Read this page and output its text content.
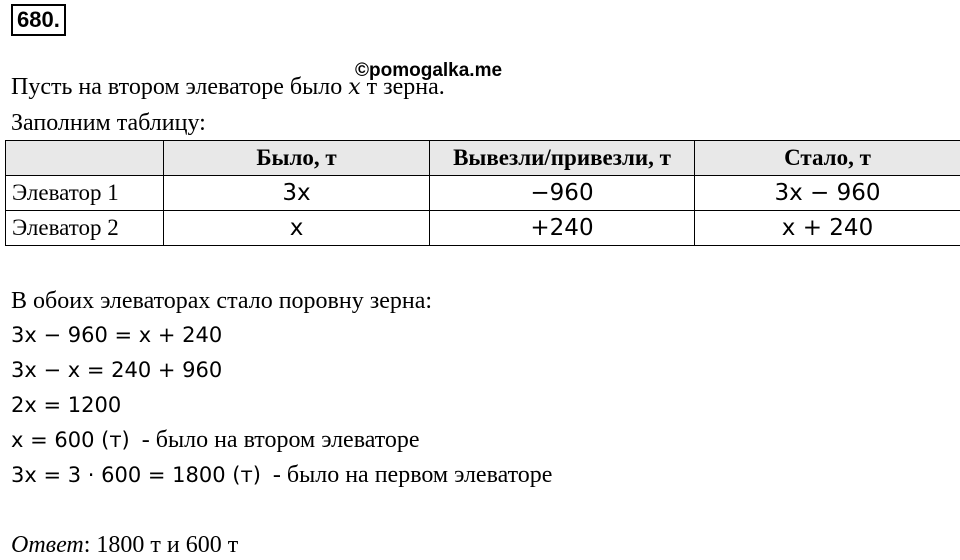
680.
Пусть на втором элеваторе было x т зерна.
©pomogalka.me
Заполним таблицу:
	Было, т	Вывезли/привезли, т	Стало, т
Элеватор 1	3x	−960	3x − 960
Элеватор 2	x	+240	x + 240
В обоих элеваторах стало поровну зерна:
3x − 960 = x + 240
3x − x = 240 + 960
2x = 1200
x = 600 (т)  - было на втором элеваторе
3x = 3 · 600 = 1800 (т)  - было на первом элеваторе
Ответ: 1800 т и 600 т
